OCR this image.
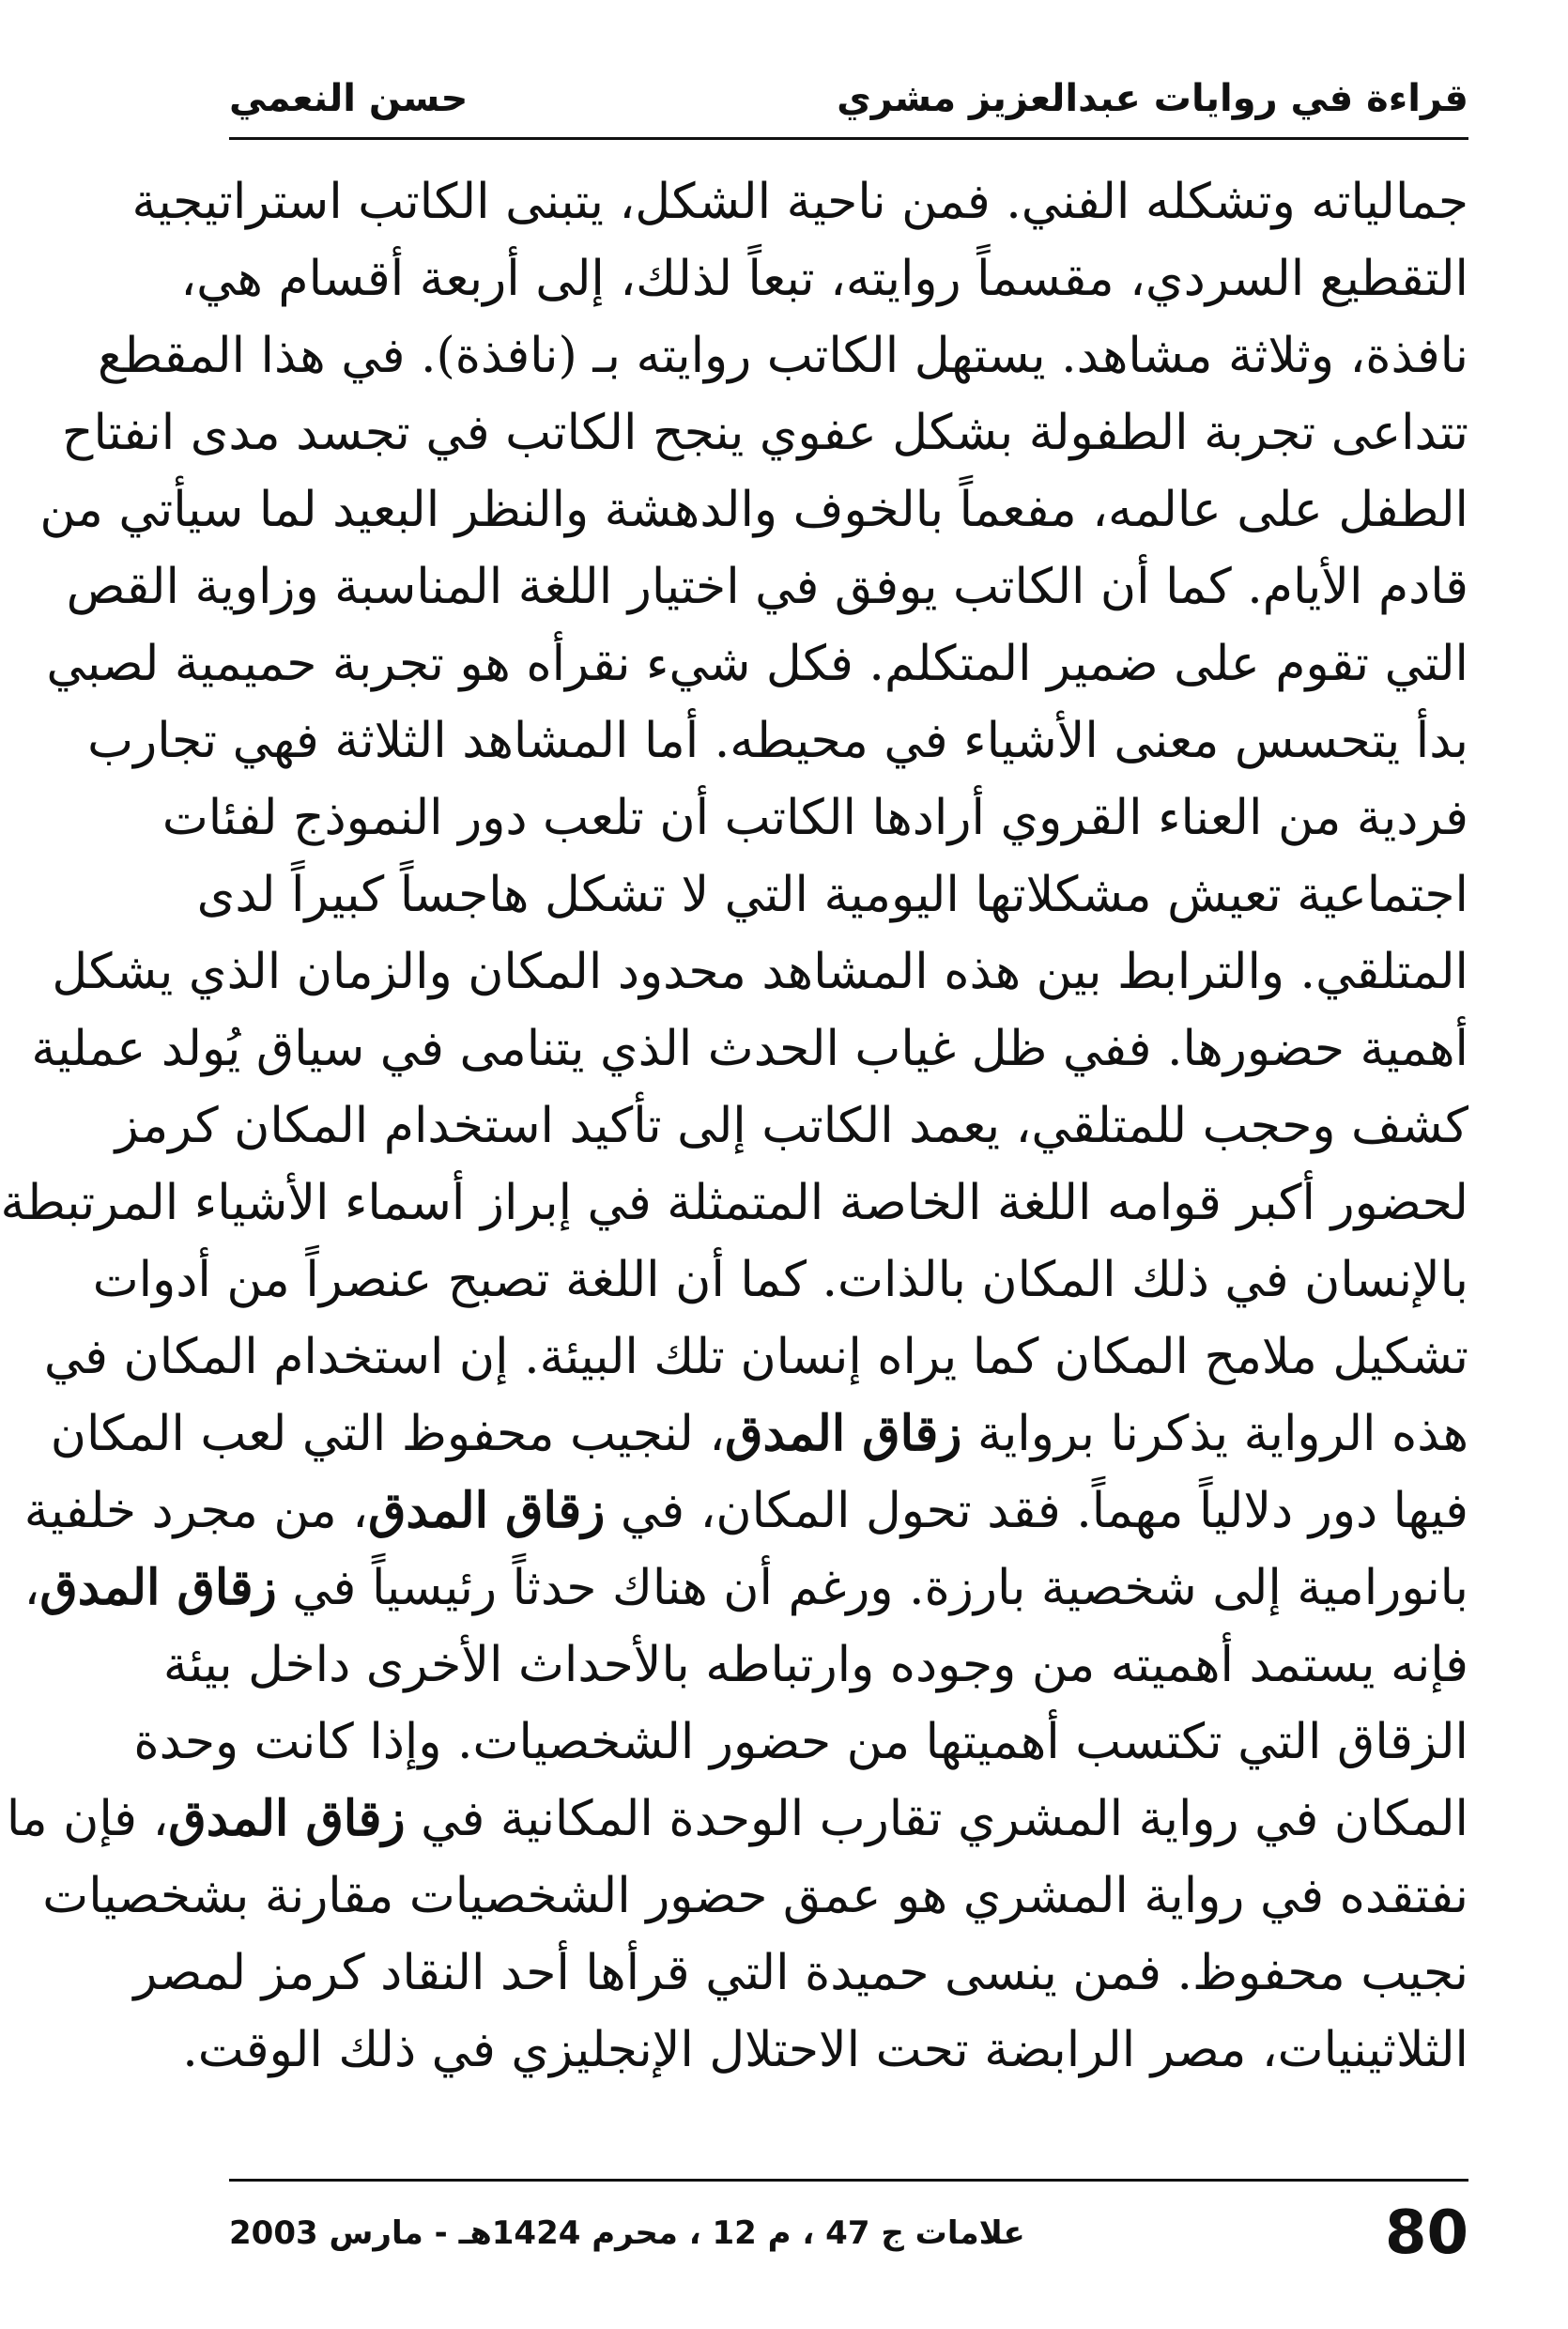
قراءة في روايات عبدالعزيز مشري
حسن النعمي
جمالياته وتشكله الفني. فمن ناحية الشكل، يتبنى الكاتب استراتيجية
التقطيع السردي، مقسماً روايته، تبعاً لذلك، إلى أربعة أقسام هي،
نافذة، وثلاثة مشاهد. يستهل الكاتب روايته بـ (نافذة). في هذا المقطع
تتداعى تجربة الطفولة بشكل عفوي ينجح الكاتب في تجسد مدى انفتاح
الطفل على عالمه، مفعماً بالخوف والدهشة والنظر البعيد لما سيأتي من
قادم الأيام. كما أن الكاتب يوفق في اختيار اللغة المناسبة وزاوية القص
التي تقوم على ضمير المتكلم. فكل شيء نقرأه هو تجربة حميمية لصبي
بدأ يتحسس معنى الأشياء في محيطه. أما المشاهد الثلاثة فهي تجارب
فردية من العناء القروي أرادها الكاتب أن تلعب دور النموذج لفئات
اجتماعية تعيش مشكلاتها اليومية التي لا تشكل هاجساً كبيراً لدى
المتلقي. والترابط بين هذه المشاهد محدود المكان والزمان الذي يشكل
أهمية حضورها. ففي ظل غياب الحدث الذي يتنامى في سياق يُولد عملية
كشف وحجب للمتلقي، يعمد الكاتب إلى تأكيد استخدام المكان كرمز
لحضور أكبر قوامه اللغة الخاصة المتمثلة في إبراز أسماء الأشياء المرتبطة
بالإنسان في ذلك المكان بالذات. كما أن اللغة تصبح عنصراً من أدوات
تشكيل ملامح المكان كما يراه إنسان تلك البيئة. إن استخدام المكان في
هذه الرواية يذكرنا برواية زقاق المدق، لنجيب محفوظ التي لعب المكان
فيها دور دلالياً مهماً. فقد تحول المكان، في زقاق المدق، من مجرد خلفية
بانورامية إلى شخصية بارزة. ورغم أن هناك حدثاً رئيسياً في زقاق المدق،
فإنه يستمد أهميته من وجوده وارتباطه بالأحداث الأخرى داخل بيئة
الزقاق التي تكتسب أهميتها من حضور الشخصيات. وإذا كانت وحدة
المكان في رواية المشري تقارب الوحدة المكانية في زقاق المدق، فإن ما
نفتقده في رواية المشري هو عمق حضور الشخصيات مقارنة بشخصيات
نجيب محفوظ. فمن ينسى حميدة التي قرأها أحد النقاد كرمز لمصر
الثلاثينيات، مصر الرابضة تحت الاحتلال الإنجليزي في ذلك الوقت.
80
علامات ج 47 ، م 12 ، محرم 1424هـ - مارس 2003
